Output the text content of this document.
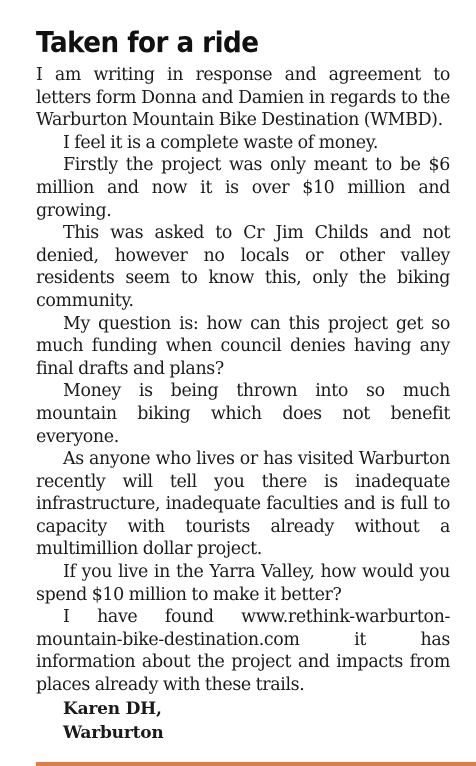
Taken for a ride

I am writing in response and agreement to letters form Donna and Damien in regards to the Warburton Mountain Bike Destination (WMBD).

I feel it is a complete waste of money.

Firstly the project was only meant to be $6 million and now it is over $10 million and growing.

This was asked to Cr Jim Childs and not denied, however no locals or other valley residents seem to know this, only the biking community.

My question is: how can this project get so much funding when council denies having any final drafts and plans?

Money is being thrown into so much mountain biking which does not benefit everyone.

As anyone who lives or has visited Warburton recently will tell you there is inadequate infrastructure, inadequate faculties and is full to capacity with tourists already without a multimillion dollar project.

If you live in the Yarra Valley, how would you spend $10 million to make it better?

I have found www.rethink-warburton-mountain-bike-destination.com it has information about the project and impacts from places already with these trails.

Karen DH,
Warburton
